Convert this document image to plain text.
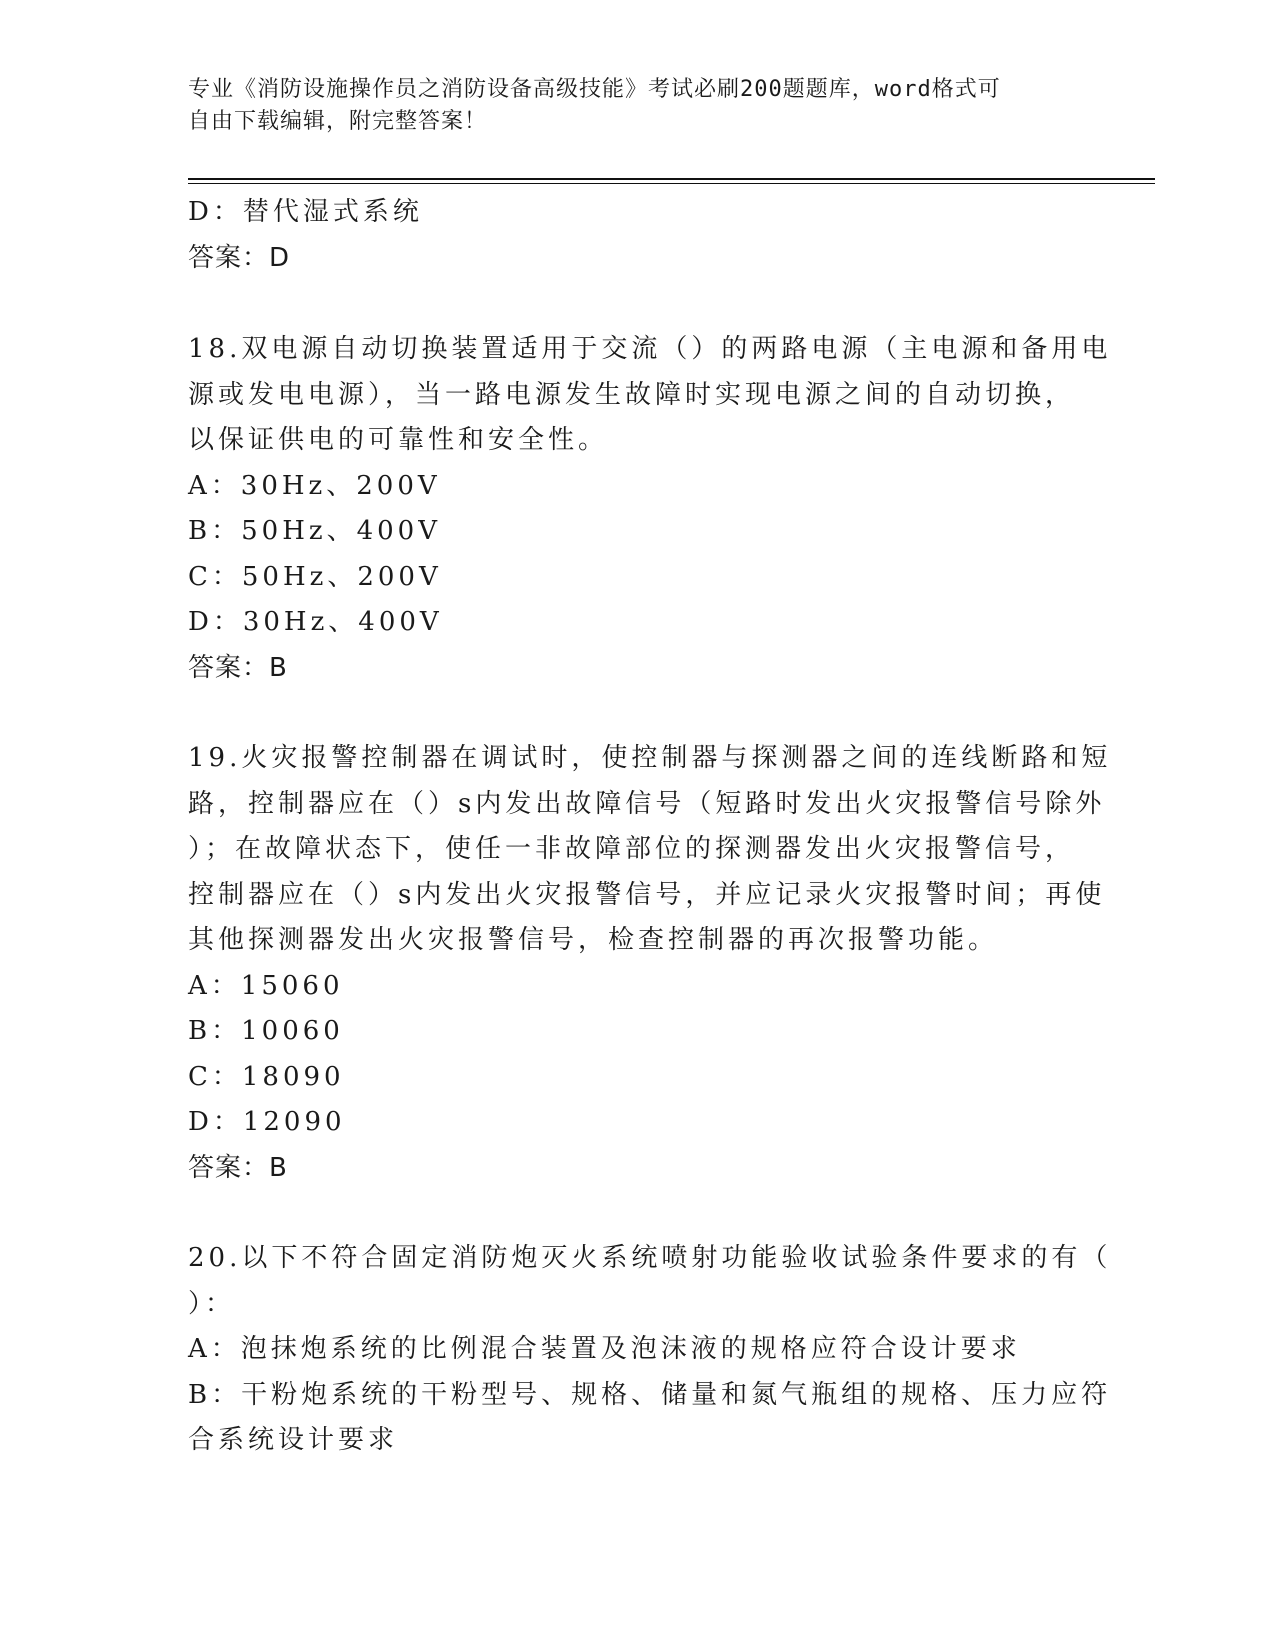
专业《消防设施操作员之消防设备高级技能》考试必刷200题题库，word格式可
自由下载编辑，附完整答案！
D：替代湿式系统
答案：D
18.双电源自动切换装置适用于交流（）的两路电源（主电源和备用电
源或发电电源），当一路电源发生故障时实现电源之间的自动切换，
以保证供电的可靠性和安全性。
A：30Hz、200V
B：50Hz、400V
C：50Hz、200V
D：30Hz、400V
答案：B
19.火灾报警控制器在调试时，使控制器与探测器之间的连线断路和短
路，控制器应在（）s内发出故障信号（短路时发出火灾报警信号除外
）；在故障状态下，使任一非故障部位的探测器发出火灾报警信号，
控制器应在（）s内发出火灾报警信号，并应记录火灾报警时间；再使
其他探测器发出火灾报警信号，检查控制器的再次报警功能。
A：15060
B：10060
C：18090
D：12090
答案：B
20.以下不符合固定消防炮灭火系统喷射功能验收试验条件要求的有（
）：
A：泡抹炮系统的比例混合装置及泡沫液的规格应符合设计要求
B：干粉炮系统的干粉型号、规格、储量和氮气瓶组的规格、压力应符
合系统设计要求
